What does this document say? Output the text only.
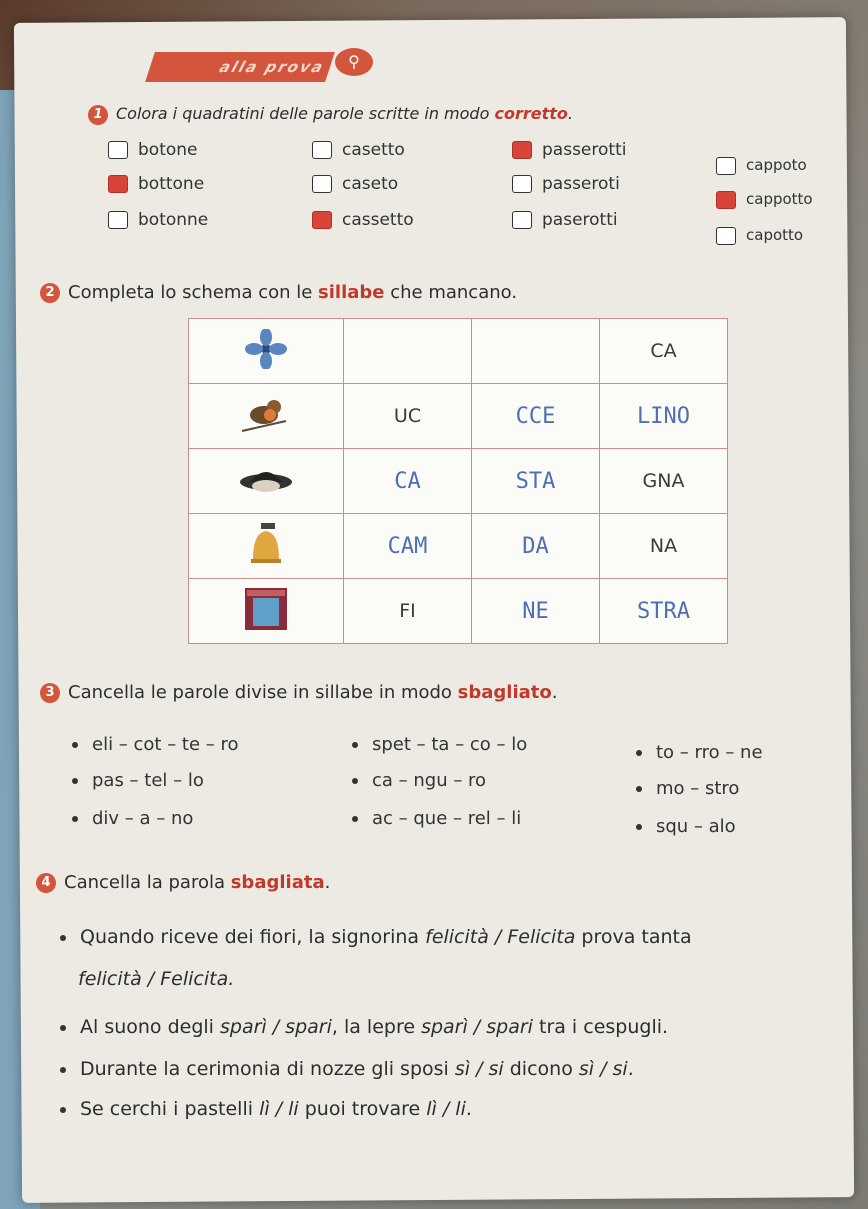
alla prova	⚲
1 Colora i quadratini delle parole scritte in modo corretto.
botone
bottone
botonne
casetto
caseto
cassetto
passerotti
passeroti
paserotti
cappoto
cappotto
capotto
2 Completa lo schema con le sillabe che mancano.
			CA
	UC	CCE	LINO
	CA	STA	GNA
	CAM	DA	NA
	FI	NE	STRA
3 Cancella le parole divise in sillabe in modo sbagliato.
eli – cot – te – ro	spet – ta – co – lo	to – rro – ne
pas – tel – lo	ca – ngu – ro	mo – stro
div – a – no	ac – que – rel – li	squ – alo
4 Cancella la parola sbagliata.
Quando riceve dei fiori, la signorina felicità / Felicita prova tanta
felicità / Felicita.
Al suono degli sparì / spari, la lepre sparì / spari tra i cespugli.
Durante la cerimonia di nozze gli sposi sì / si dicono sì / si.
Se cerchi i pastelli lì / li puoi trovare lì / li.
